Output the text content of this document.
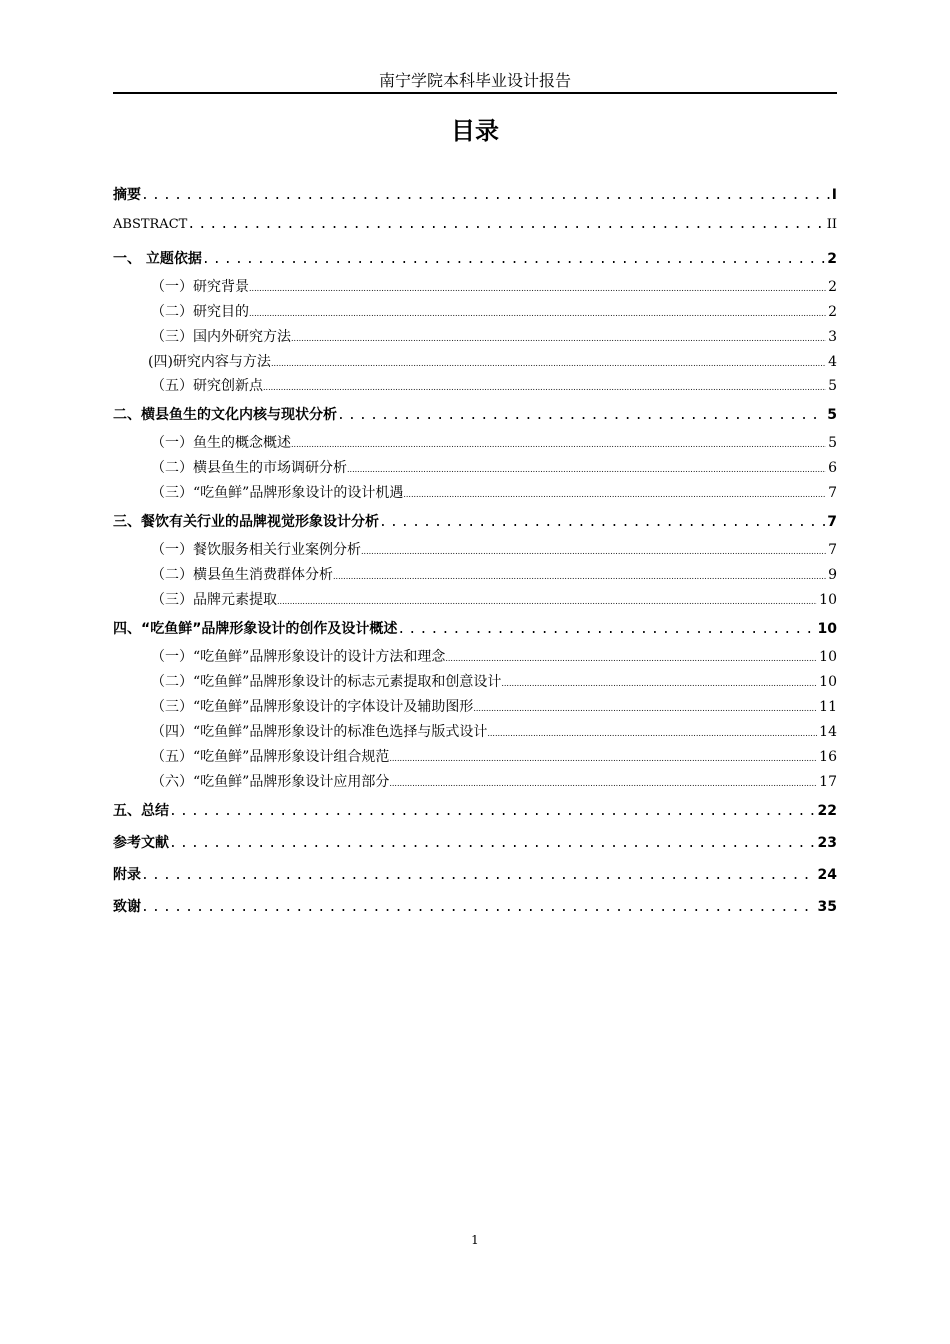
南宁学院本科毕业设计报告
目录
摘要 .....	I
ABSTRACT .....	II
一、 立题依据 .....	2
（一）研究背景 .....	2
（二）研究目的 .....	2
（三）国内外研究方法 .....	3
(四)研究内容与方法 .....	4
（五）研究创新点 .....	5
二、横县鱼生的文化内核与现状分析 .....	5
（一）鱼生的概念概述 .....	5
（二）横县鱼生的市场调研分析 .....	6
（三）“吃鱼鲜”品牌形象设计的设计机遇 .....	7
三、餐饮有关行业的品牌视觉形象设计分析 .....	7
（一）餐饮服务相关行业案例分析 .....	7
（二）横县鱼生消费群体分析 .....	9
（三）品牌元素提取 .....	10
四、“吃鱼鲜”品牌形象设计的创作及设计概述 .....	10
（一）“吃鱼鲜”品牌形象设计的设计方法和理念 .....	10
（二）“吃鱼鲜”品牌形象设计的标志元素提取和创意设计 .....	10
（三）“吃鱼鲜”品牌形象设计的字体设计及辅助图形 .....	11
（四）“吃鱼鲜”品牌形象设计的标准色选择与版式设计 .....	14
（五）“吃鱼鲜”品牌形象设计组合规范 .....	16
（六）“吃鱼鲜”品牌形象设计应用部分 .....	17
五、总结 .....	22
参考文献 .....	23
附录 .....	24
致谢 .....	35
1
